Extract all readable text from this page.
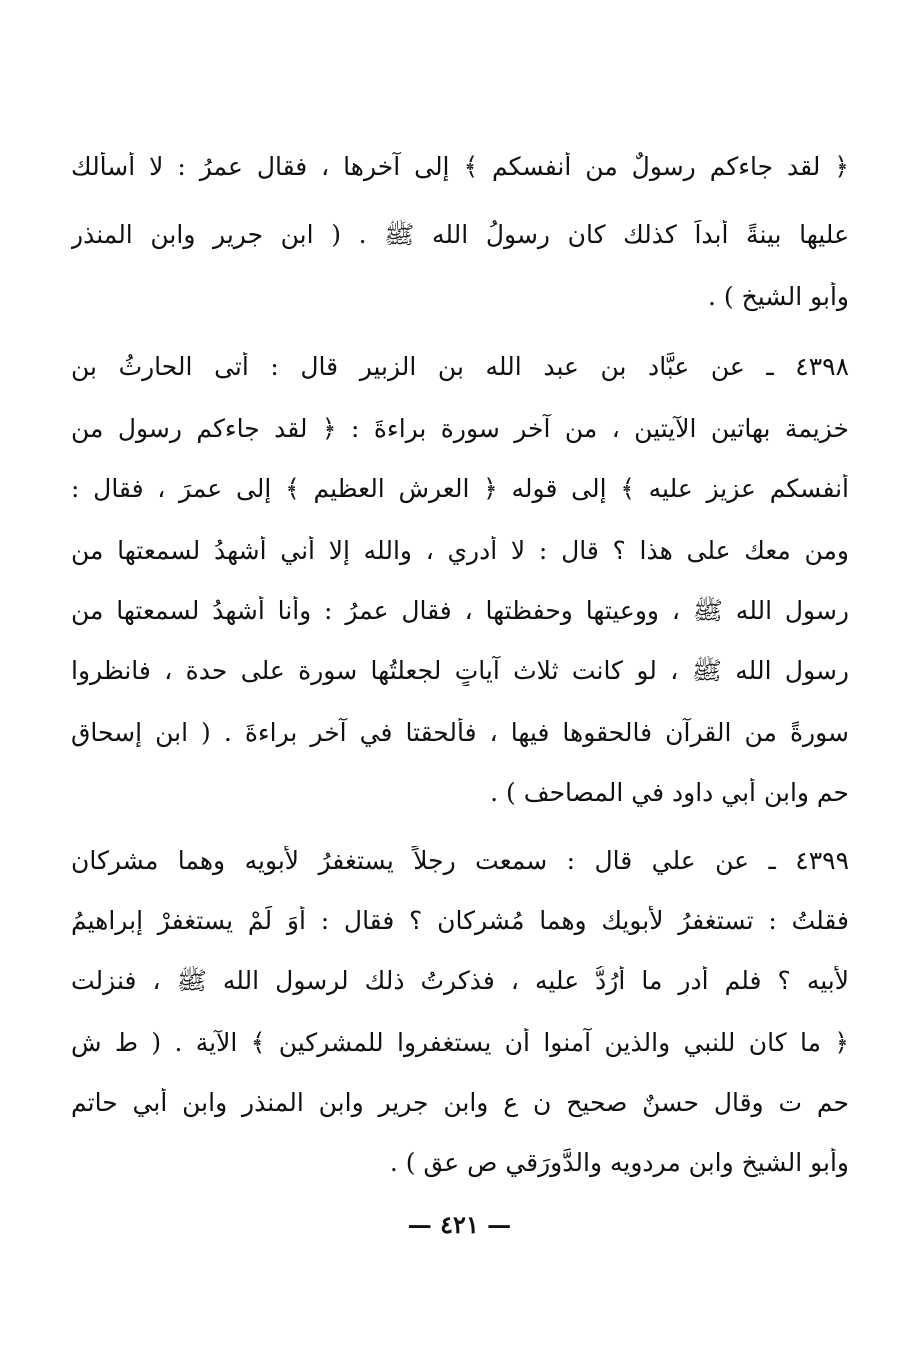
﴿ لقد جاءكم رسولٌ من أنفسكم ﴾ إلى آخرها ، فقال عمرُ : لا أسألك
عليها بينةً أبداً كذلك كان رسولُ الله ﷺ . ( ابن جرير وابن المنذر
وأبو الشيخ ) .
٤٣٩٨ ـ عن عبَّاد بن عبد الله بن الزبير قال : أتى الحارثُ بن
خزيمة بهاتين الآيتين ، من آخر سورة براءةَ : ﴿ لقد جاءكم رسول من
أنفسكم عزيز عليه ﴾ إلى قوله ﴿ العرش العظيم ﴾ إلى عمرَ ، فقال :
ومن معك على هذا ؟ قال : لا أدري ، والله إلا أني أشهدُ لسمعتها من
رسول الله ﷺ ، ووعيتها وحفظتها ، فقال عمرُ : وأنا أشهدُ لسمعتها من
رسول الله ﷺ ، لو كانت ثلاث آياتٍ لجعلتُها سورة على حدة ، فانظروا
سورةً من القرآن فالحقوها فيها ، فألحقتا في آخر براءةَ . ( ابن إسحاق
حم وابن أبي داود في المصاحف ) .
٤٣٩٩ ـ عن علي قال : سمعت رجلاً يستغفرُ لأبويه وهما مشركان
فقلتُ : تستغفرُ لأبويك وهما مُشركان ؟ فقال : أوَ لَمْ يستغفرْ إبراهيمُ
لأبيه ؟ فلم أدرِ ما أرُدُّ عليه ، فذكرتُ ذلك لرسول الله ﷺ ، فنزلت
﴿ ما كان للنبي والذين آمنوا أن يستغفروا للمشركين ﴾ الآية . ( ط ش
حم ت وقال حسنٌ صحيح ن ع وابن جرير وابن المنذر وابن أبي حاتم
وأبو الشيخ وابن مردويه والدَّورَقي ص عق ) .
— ٤٢١ —
